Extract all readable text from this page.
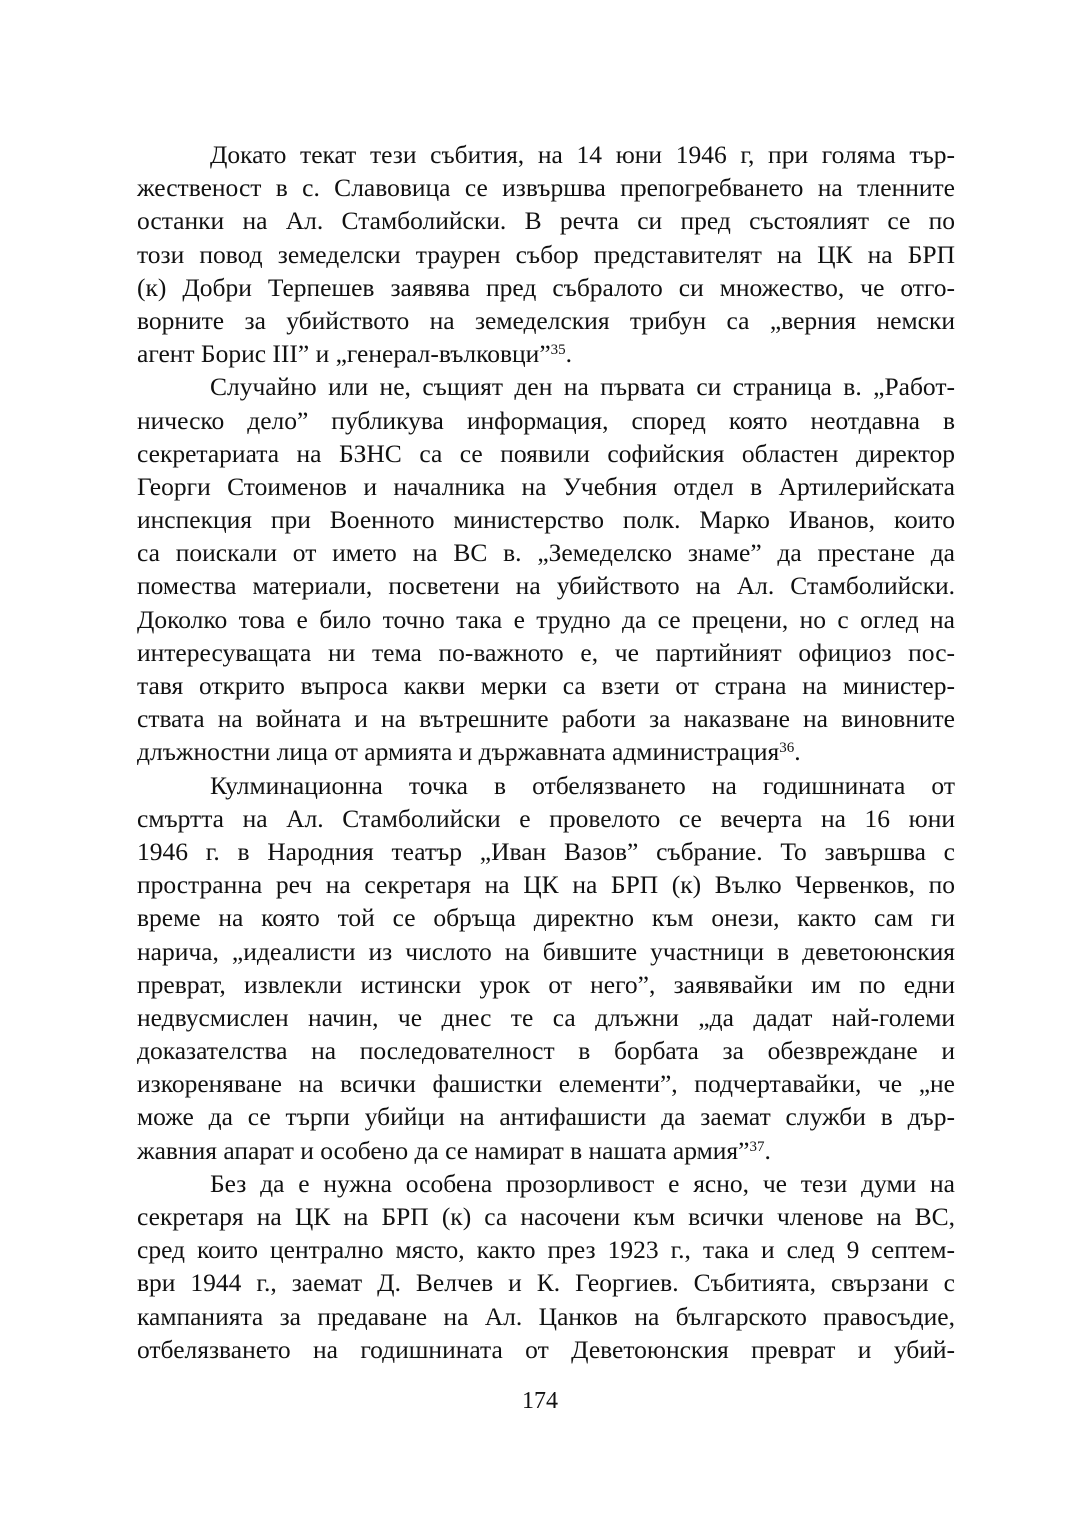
Докато текат тези събития, на 14 юни 1946 г, при голяма тър-
жественост в с. Славовица се извършва препогребването на тленните
останки на Ал. Стамболийски. В речта си пред състоялият се по
този повод земеделски траурен събор представителят на ЦК на БРП
(к) Добри Терпешев заявява пред събралото си множество, че отго-
ворните за убийството на земеделския трибун са „верния немски
агент Борис III” и „генерал-вълковци”$^{35}$.
Случайно или не, същият ден на първата си страница в. „Работ-
ническо дело” публикува информация, според която неотдавна в
секретариата на БЗНС са се появили софийския областен директор
Георги Стоименов и началника на Учебния отдел в Артилерийската
инспекция при Военното министерство полк. Марко Иванов, които
са поискали от името на ВС в. „Земеделско знаме” да престане да
помества материали, посветени на убийството на Ал. Стамболийски.
Доколко това е било точно така е трудно да се прецени, но с оглед на
интересуващата ни тема по-важното е, че партийният официоз пос-
тавя открито въпроса какви мерки са взети от страна на министер-
ствата на войната и на вътрешните работи за наказване на виновните
длъжностни лица от армията и държавната администрация$^{36}$.
Кулминационна точка в отбелязването на годишнината от
смъртта на Ал. Стамболийски е провелото се вечерта на 16 юни
1946 г. в Народния театър „Иван Вазов” събрание. То завършва с
пространна реч на секретаря на ЦК на БРП (к) Вълко Червенков, по
време на която той се обръща директно към онези, както сам ги
нарича, „идеалисти из числото на бившите участници в деветоюнския
преврат, извлекли истински урок от него”, заявявайки им по едни
недвусмислен начин, че днес те са длъжни „да дадат най-големи
доказателства на последователност в борбата за обезвреждане и
изкореняване на всички фашистки елементи”, подчертавайки, че „не
може да се търпи убийци на антифашисти да заемат служби в дър-
жавния апарат и особено да се намират в нашата армия”$^{37}$.
Без да е нужна особена прозорливост е ясно, че тези думи на
секретаря на ЦК на БРП (к) са насочени към всички членове на ВС,
сред които централно място, както през 1923 г., така и след 9 септем-
ври 1944 г., заемат Д. Велчев и К. Георгиев. Събитията, свързани с
кампанията за предаване на Ал. Цанков на българското правосъдие,
отбелязването на годишнината от Деветоюнския преврат и убий-
174
